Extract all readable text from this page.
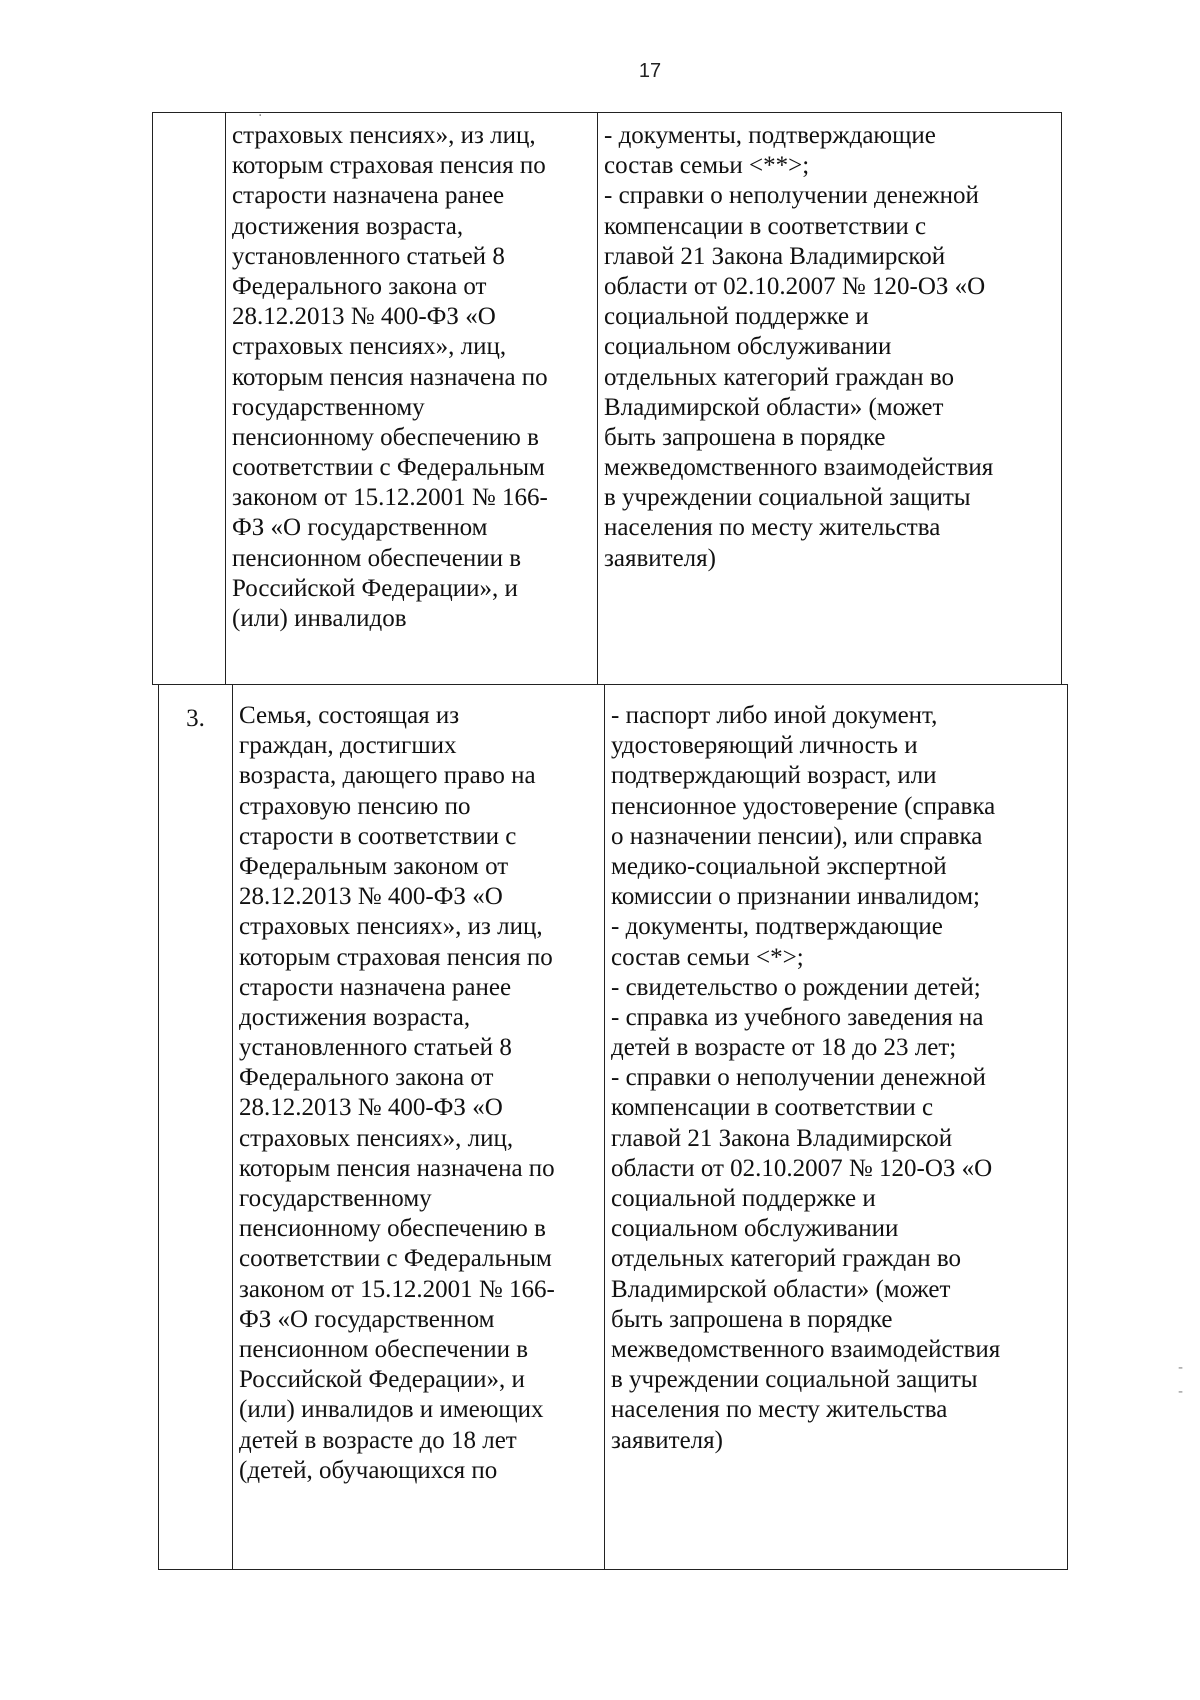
17
страховых пенсиях», из лиц,
которым страховая пенсия по
старости назначена ранее
достижения возраста,
установленного статьей 8
Федерального закона от
28.12.2013 № 400-ФЗ «О
страховых пенсиях», лиц,
которым пенсия назначена по
государственному
пенсионному обеспечению в
соответствии с Федеральным
законом от 15.12.2001 № 166-
ФЗ «О государственном
пенсионном обеспечении в
Российской Федерации», и
(или) инвалидов
- документы, подтверждающие
состав семьи <**>;
- справки о неполучении денежной
компенсации в соответствии с
главой 21 Закона Владимирской
области от 02.10.2007 № 120-ОЗ «О
социальной поддержке и
социальном обслуживании
отдельных категорий граждан во
Владимирской области» (может
быть запрошена в порядке
межведомственного взаимодействия
в учреждении социальной защиты
населения по месту жительства
заявителя)
3.	Семья, состоящая из
граждан, достигших
возраста, дающего право на
страховую пенсию по
старости в соответствии с
Федеральным законом от
28.12.2013 № 400-ФЗ «О
страховых пенсиях», из лиц,
которым страховая пенсия по
старости назначена ранее
достижения возраста,
установленного статьей 8
Федерального закона от
28.12.2013 № 400-ФЗ «О
страховых пенсиях», лиц,
которым пенсия назначена по
государственному
пенсионному обеспечению в
соответствии с Федеральным
законом от 15.12.2001 № 166-
ФЗ «О государственном
пенсионном обеспечении в
Российской Федерации», и
(или) инвалидов и имеющих
детей в возрасте до 18 лет
(детей, обучающихся по
- паспорт либо иной документ,
удостоверяющий личность и
подтверждающий возраст, или
пенсионное удостоверение (справка
о назначении пенсии), или справка
медико-социальной экспертной
комиссии о признании инвалидом;
- документы, подтверждающие
состав семьи <*>;
- свидетельство о рождении детей;
- справка из учебного заведения на
детей в возрасте от 18 до 23 лет;
- справки о неполучении денежной
компенсации в соответствии с
главой 21 Закона Владимирской
области от 02.10.2007 № 120-ОЗ «О
социальной поддержке и
социальном обслуживании
отдельных категорий граждан во
Владимирской области» (может
быть запрошена в порядке
межведомственного взаимодействия
в учреждении социальной защиты
населения по месту жительства
заявителя)
·
-
-
